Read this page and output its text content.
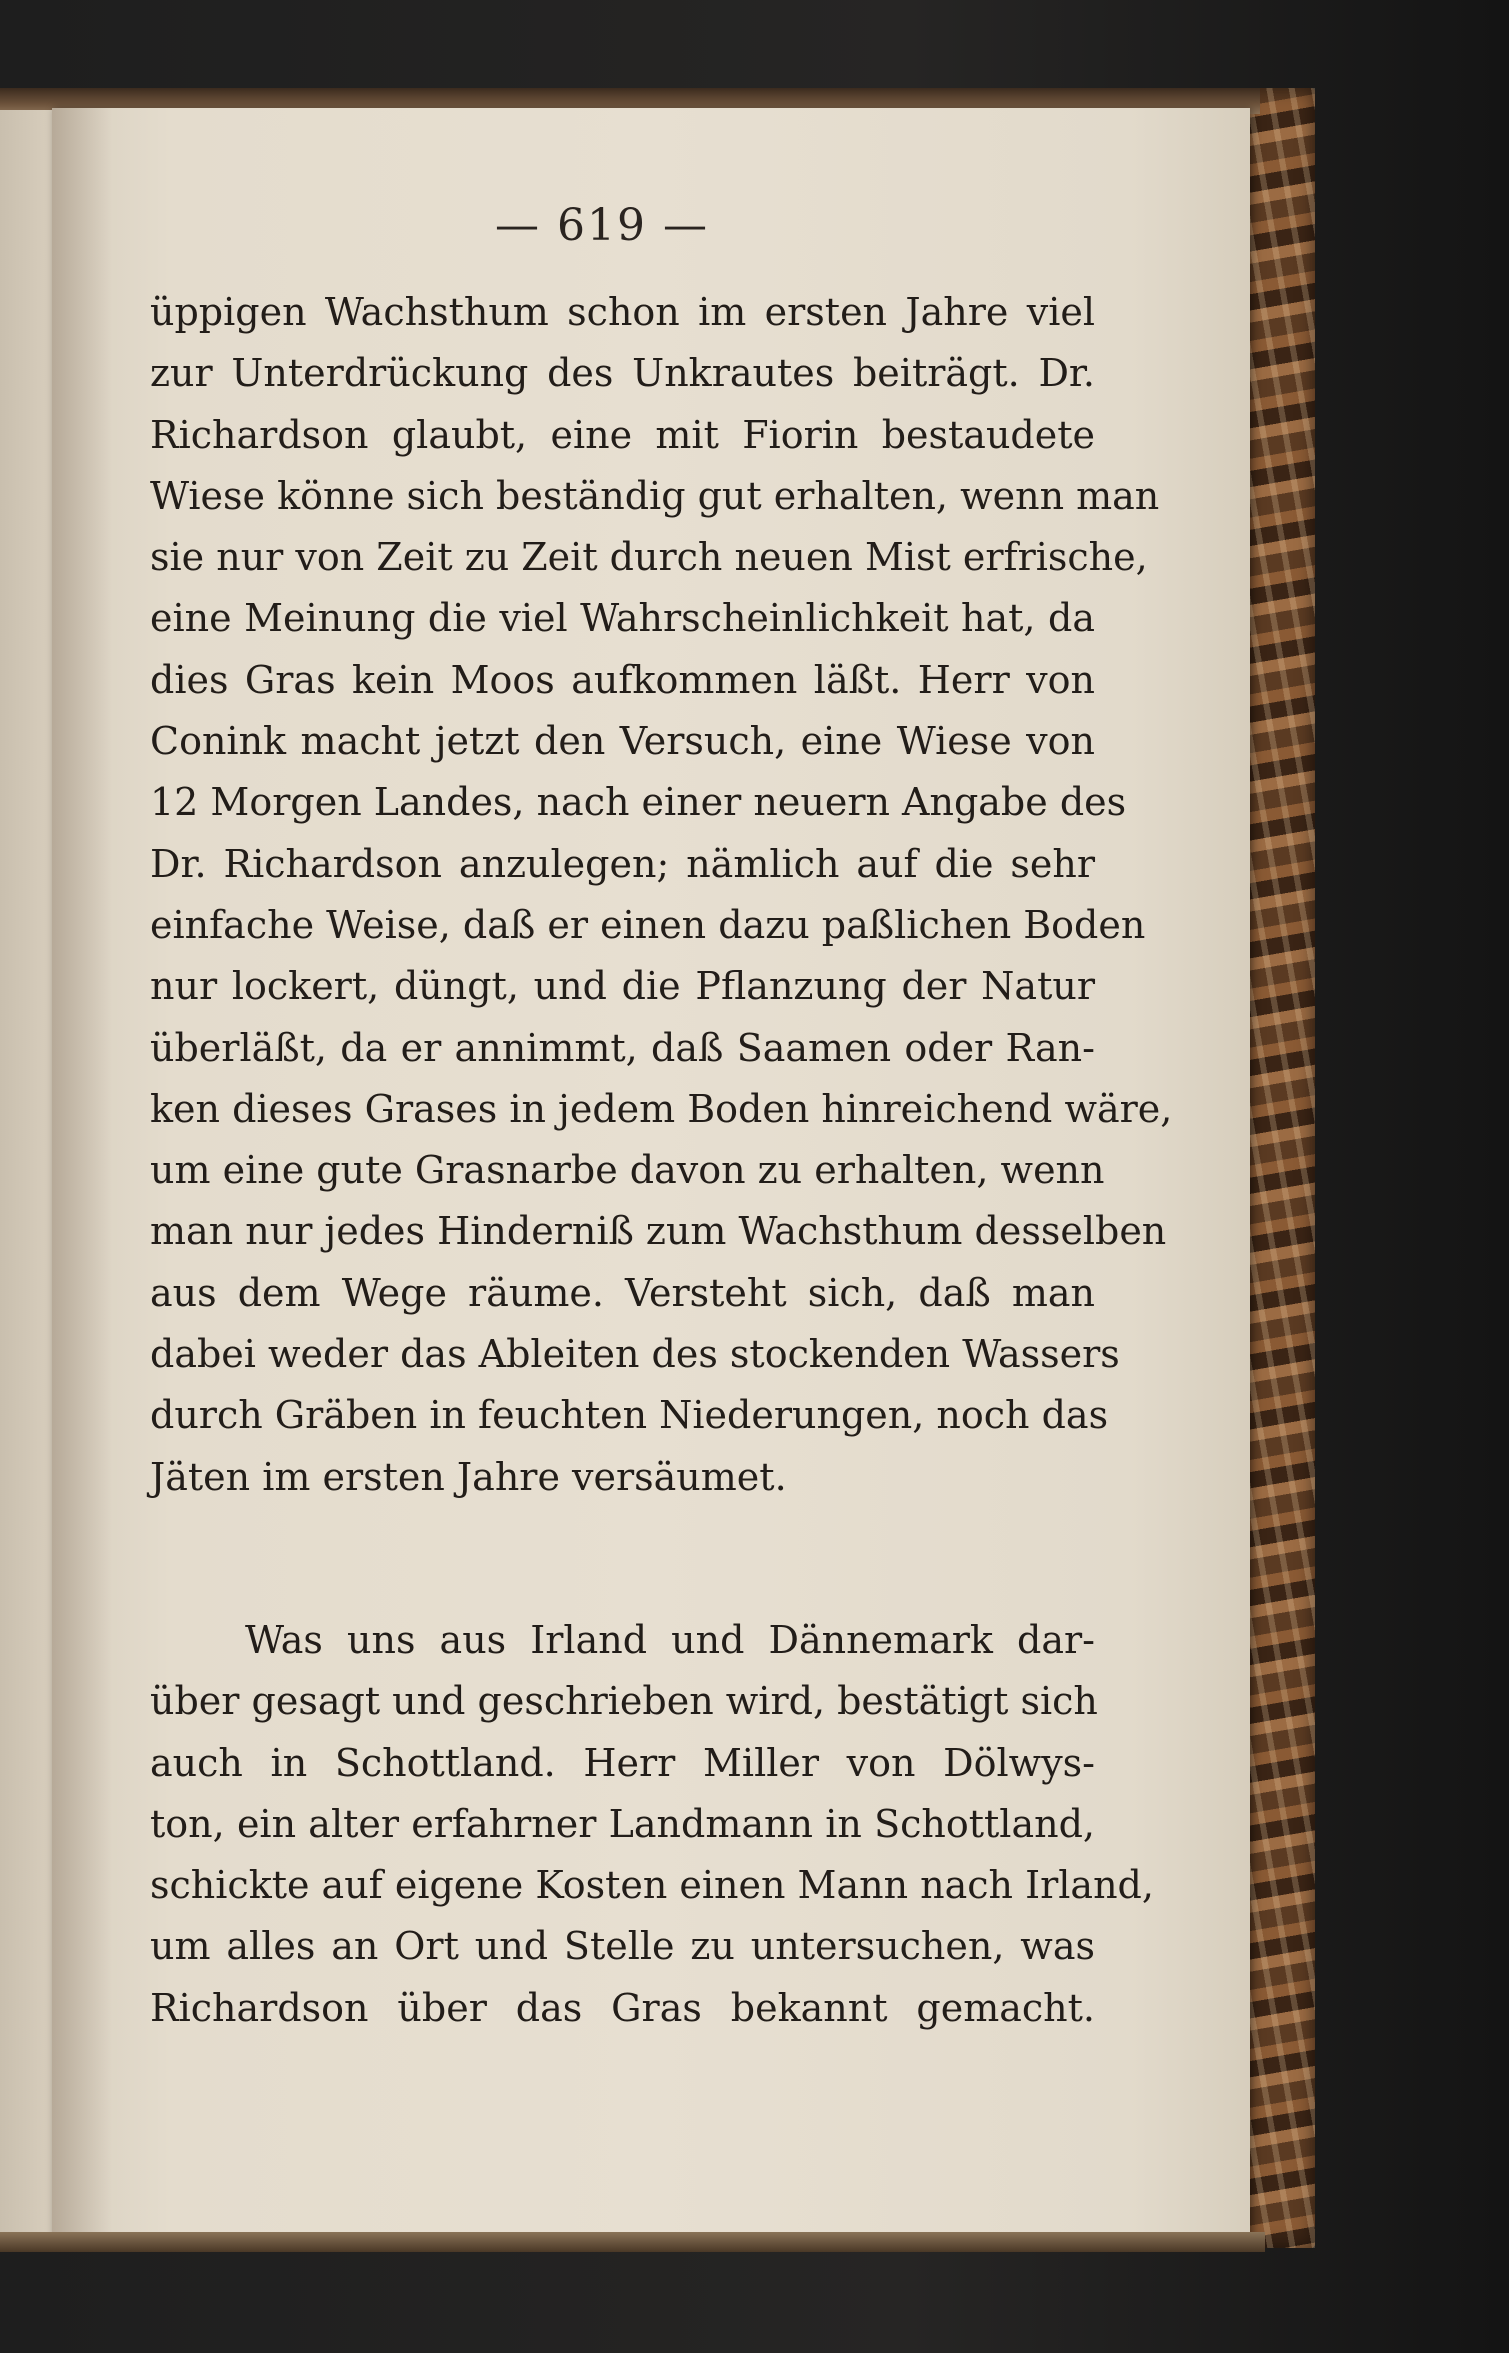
— 619 —
üppigen Wachsthum schon im ersten Jahre viel
zur Unterdrückung des Unkrautes beiträgt. Dr.
Richardson glaubt, eine mit Fiorin bestaudete
Wiese könne sich beständig gut erhalten, wenn man
sie nur von Zeit zu Zeit durch neuen Mist erfrische,
eine Meinung die viel Wahrscheinlichkeit hat, da
dies Gras kein Moos aufkommen läßt. Herr von
Conink macht jetzt den Versuch, eine Wiese von
12 Morgen Landes, nach einer neuern Angabe des
Dr. Richardson anzulegen; nämlich auf die sehr
einfache Weise, daß er einen dazu paßlichen Boden
nur lockert, düngt, und die Pflanzung der Natur
überläßt, da er annimmt, daß Saamen oder Ran-
ken dieses Grases in jedem Boden hinreichend wäre,
um eine gute Grasnarbe davon zu erhalten, wenn
man nur jedes Hinderniß zum Wachsthum desselben
aus dem Wege räume. Versteht sich, daß man
dabei weder das Ableiten des stockenden Wassers
durch Gräben in feuchten Niederungen, noch das
Jäten im ersten Jahre versäumet.
Was uns aus Irland und Dännemark dar-
über gesagt und geschrieben wird, bestätigt sich
auch in Schottland. Herr Miller von Dölwys-
ton, ein alter erfahrner Landmann in Schottland,
schickte auf eigene Kosten einen Mann nach Irland,
um alles an Ort und Stelle zu untersuchen, was
Richardson über das Gras bekannt gemacht.
